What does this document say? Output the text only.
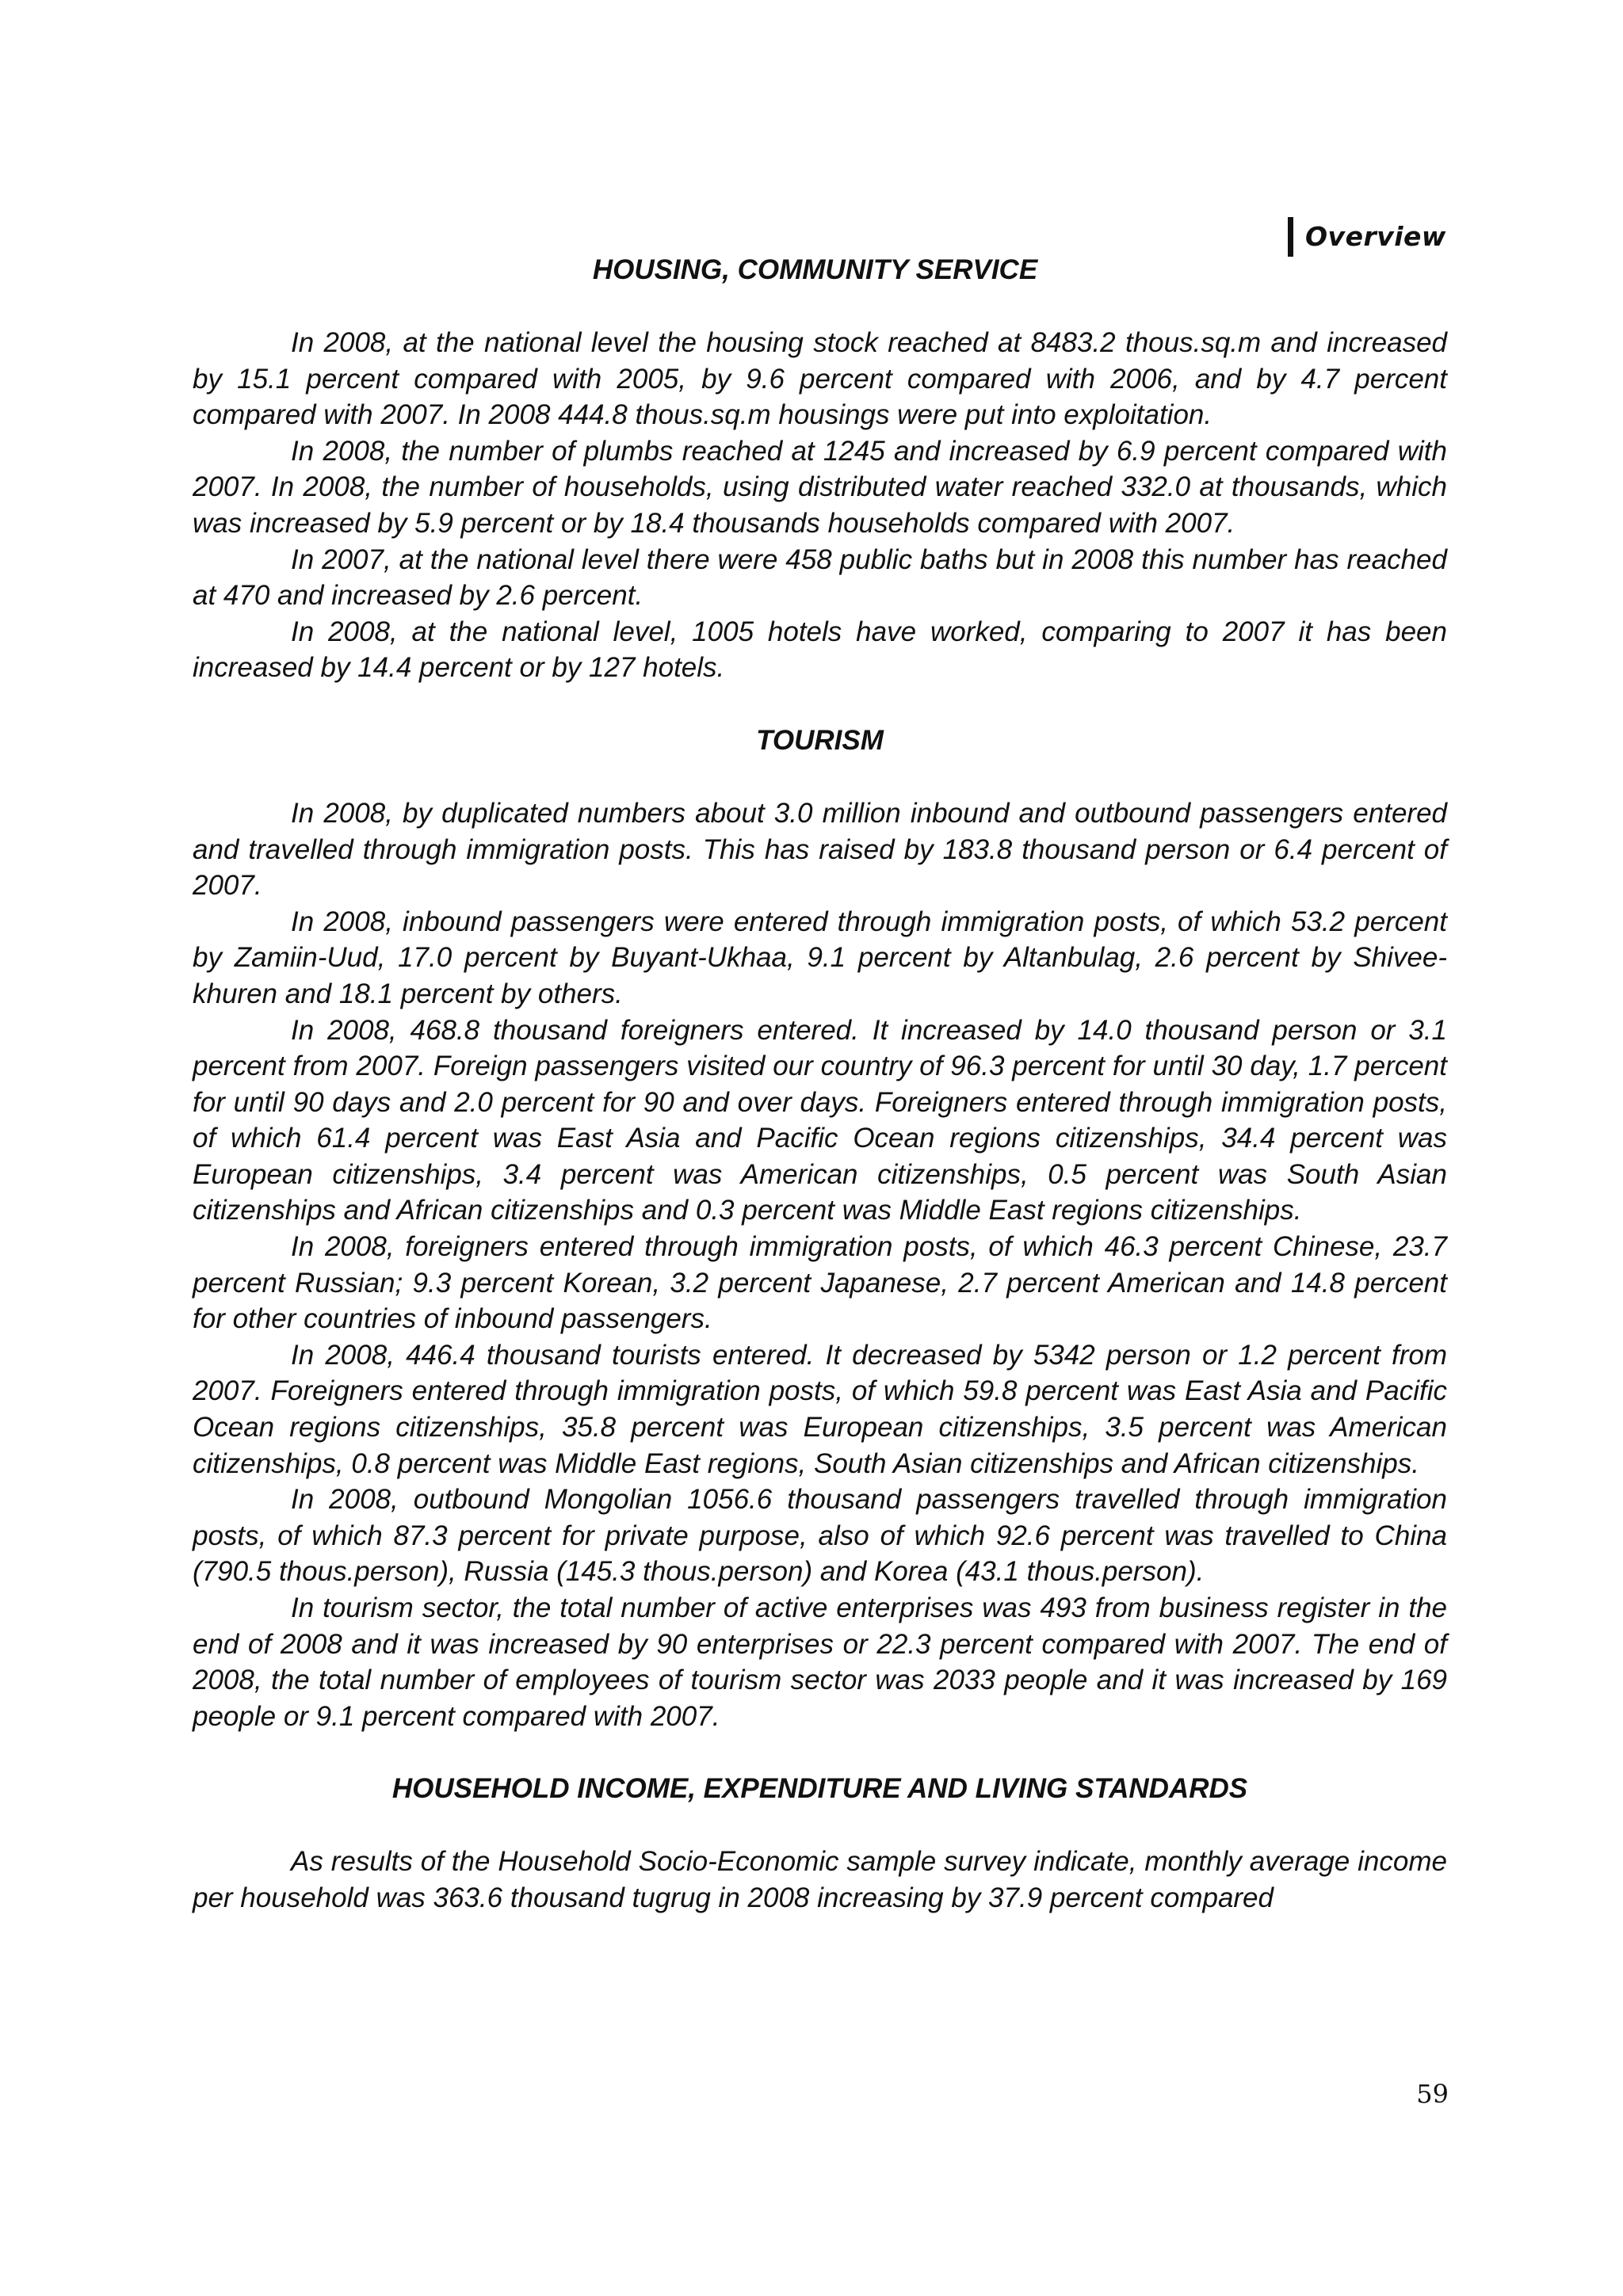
Overview
HOUSING, COMMUNITY SERVICE

In 2008, at the national level the housing stock reached at 8483.2 thous.sq.m and increased by 15.1 percent compared with 2005, by 9.6 percent compared with 2006, and by 4.7 percent compared with 2007. In 2008 444.8 thous.sq.m housings were put into exploitation.

In 2008, the number of plumbs reached at 1245 and increased by 6.9 percent compared with 2007. In 2008, the number of households, using distributed water reached 332.0 at thousands, which was increased by 5.9 percent or by 18.4 thousands households compared with 2007.

In 2007, at the national level there were 458 public baths but in 2008 this number has reached at 470 and increased by 2.6 percent.

In 2008, at the national level, 1005 hotels have worked, comparing to 2007 it has been increased by 14.4 percent or by 127 hotels.

TOURISM

In 2008, by duplicated numbers about 3.0 million inbound and outbound passengers entered and travelled through immigration posts. This has raised by 183.8 thousand person or 6.4 percent of 2007.

In 2008, inbound passengers were entered through immigration posts, of which 53.2 percent by Zamiin-Uud, 17.0 percent by Buyant-Ukhaa, 9.1 percent by Altanbulag, 2.6 percent by Shivee-khuren and 18.1 percent by others.

In 2008, 468.8 thousand foreigners entered. It increased by 14.0 thousand person or 3.1 percent from 2007. Foreign passengers visited our country of 96.3 percent for until 30 day, 1.7 percent for until 90 days and 2.0 percent for 90 and over days. Foreigners entered through immigration posts, of which 61.4 percent was East Asia and Pacific Ocean regions citizenships, 34.4 percent was European citizenships, 3.4 percent was American citizenships, 0.5 percent was South Asian citizenships and African citizenships and 0.3 percent was Middle East regions citizenships.

In 2008, foreigners entered through immigration posts, of which 46.3 percent Chinese, 23.7 percent Russian; 9.3 percent Korean, 3.2 percent Japanese, 2.7 percent American and 14.8 percent for other countries of inbound passengers.

In 2008, 446.4 thousand tourists entered. It decreased by 5342 person or 1.2 percent from 2007. Foreigners entered through immigration posts, of which 59.8 percent was East Asia and Pacific Ocean regions citizenships, 35.8 percent was European citizenships, 3.5 percent was American citizenships, 0.8 percent was Middle East regions, South Asian citizenships and African citizenships.

In 2008, outbound Mongolian 1056.6 thousand passengers travelled through immigration posts, of which 87.3 percent for private purpose, also of which 92.6 percent was travelled to China (790.5 thous.person), Russia (145.3 thous.person) and Korea (43.1 thous.person).

In tourism sector, the total number of active enterprises was 493 from business register in the end of 2008 and it was increased by 90 enterprises or 22.3 percent compared with 2007. The end of 2008, the total number of employees of tourism sector was 2033 people and it was increased by 169 people or 9.1 percent compared with 2007.

HOUSEHOLD INCOME, EXPENDITURE AND LIVING STANDARDS

As results of the Household Socio-Economic sample survey indicate, monthly average income per household was 363.6 thousand tugrug in 2008 increasing by 37.9 percent compared

59
